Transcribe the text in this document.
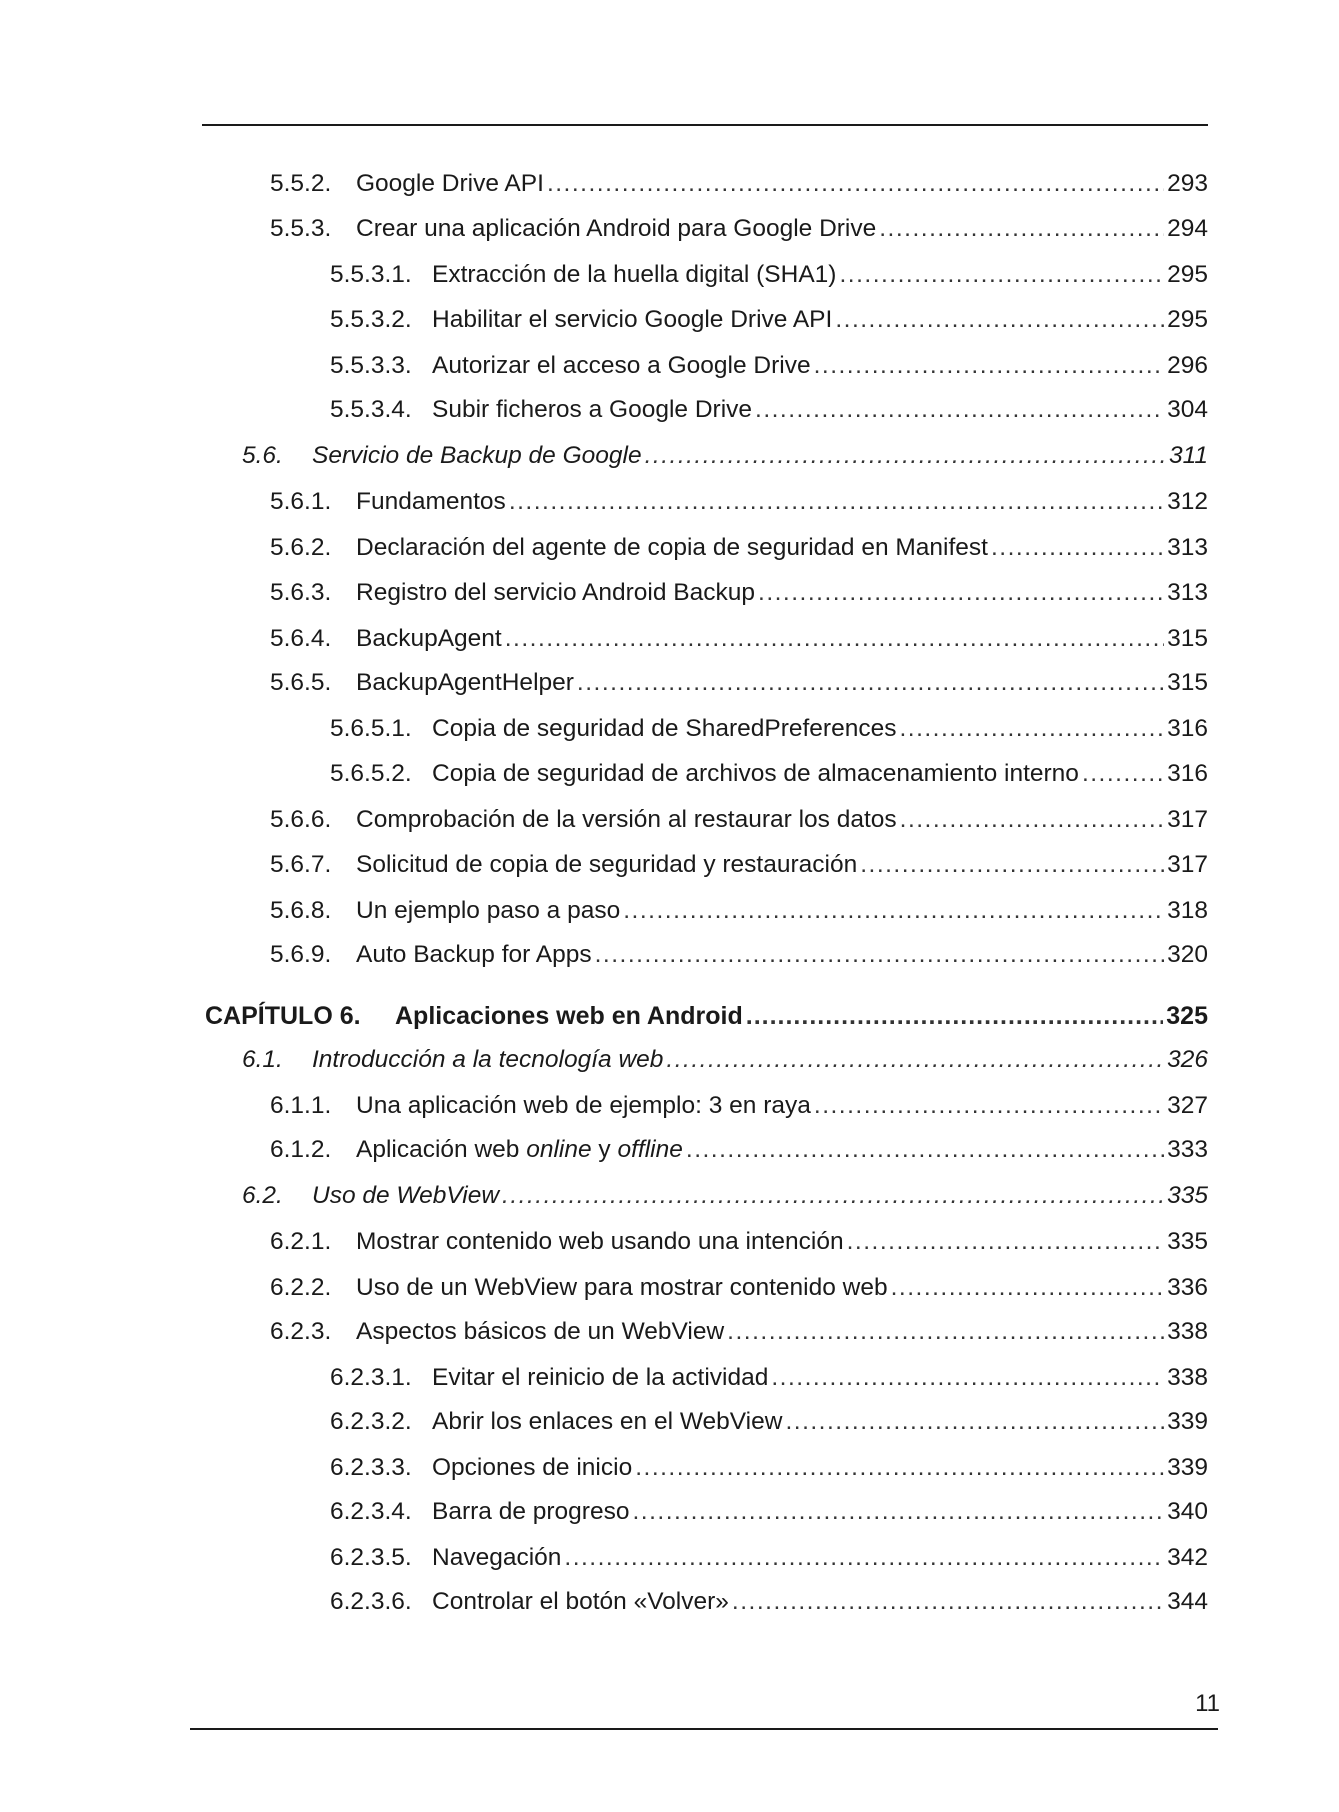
5.5.2.	Google Drive API .....	293
5.5.3.	Crear una aplicación Android para Google Drive .....	294
5.5.3.1. Extracción de la huella digital (SHA1) .....	295
5.5.3.2. Habilitar el servicio Google Drive API .....	295
5.5.3.3. Autorizar el acceso a Google Drive .....	296
5.5.3.4. Subir ficheros a Google Drive .....	304
5.6.	Servicio de Backup de Google .....	311
5.6.1.	Fundamentos .....	312
5.6.2.	Declaración del agente de copia de seguridad en Manifest .....	313
5.6.3.	Registro del servicio Android Backup .....	313
5.6.4.	BackupAgent .....	315
5.6.5.	BackupAgentHelper .....	315
5.6.5.1. Copia de seguridad de SharedPreferences .....	316
5.6.5.2. Copia de seguridad de archivos de almacenamiento interno .....	316
5.6.6.	Comprobación de la versión al restaurar los datos .....	317
5.6.7.	Solicitud de copia de seguridad y restauración .....	317
5.6.8.	Un ejemplo paso a paso .....	318
5.6.9.	Auto Backup for Apps .....	320
CAPÍTULO 6.	Aplicaciones web en Android .....	325
6.1.	Introducción a la tecnología web .....	326
6.1.1.	Una aplicación web de ejemplo: 3 en raya .....	327
6.1.2.	Aplicación web online y offline .....	333
6.2.	Uso de WebView .....	335
6.2.1.	Mostrar contenido web usando una intención .....	335
6.2.2.	Uso de un WebView para mostrar contenido web .....	336
6.2.3.	Aspectos básicos de un WebView .....	338
6.2.3.1. Evitar el reinicio de la actividad .....	338
6.2.3.2. Abrir los enlaces en el WebView .....	339
6.2.3.3. Opciones de inicio .....	339
6.2.3.4. Barra de progreso .....	340
6.2.3.5. Navegación .....	342
6.2.3.6. Controlar el botón «Volver» .....	344
11
